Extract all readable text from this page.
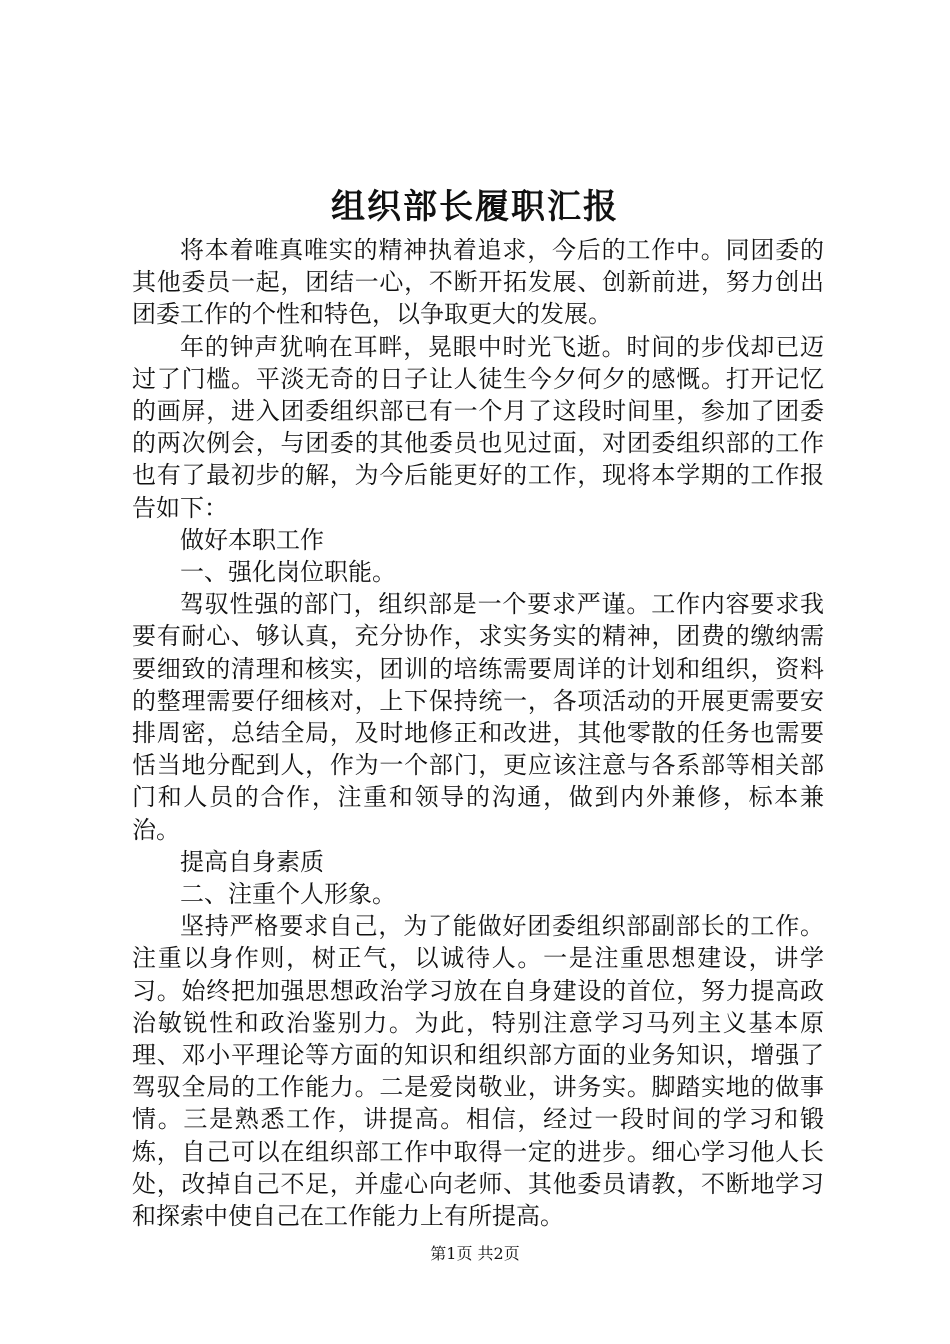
组织部长履职汇报

将本着唯真唯实的精神执着追求，今后的工作中。同团委的其他委员一起，团结一心，不断开拓发展、创新前进，努力创出团委工作的个性和特色，以争取更大的发展。

年的钟声犹响在耳畔，晃眼中时光飞逝。时间的步伐却已迈过了门槛。平淡无奇的日子让人徒生今夕何夕的感慨。打开记忆的画屏，进入团委组织部已有一个月了这段时间里，参加了团委的两次例会，与团委的其他委员也见过面，对团委组织部的工作也有了最初步的解，为今后能更好的工作，现将本学期的工作报告如下：

做好本职工作

一、强化岗位职能。

驾驭性强的部门，组织部是一个要求严谨。工作内容要求我要有耐心、够认真，充分协作，求实务实的精神，团费的缴纳需要细致的清理和核实，团训的培练需要周详的计划和组织，资料的整理需要仔细核对，上下保持统一，各项活动的开展更需要安排周密，总结全局，及时地修正和改进，其他零散的任务也需要恬当地分配到人，作为一个部门，更应该注意与各系部等相关部门和人员的合作，注重和领导的沟通，做到内外兼修，标本兼治。

提高自身素质

二、注重个人形象。

坚持严格要求自己，为了能做好团委组织部副部长的工作。注重以身作则，树正气，以诚待人。一是注重思想建设，讲学习。始终把加强思想政治学习放在自身建设的首位，努力提高政治敏锐性和政治鉴别力。为此，特别注意学习马列主义基本原理、邓小平理论等方面的知识和组织部方面的业务知识，增强了驾驭全局的工作能力。二是爱岗敬业，讲务实。脚踏实地的做事情。三是熟悉工作，讲提高。相信，经过一段时间的学习和锻炼，自己可以在组织部工作中取得一定的进步。细心学习他人长处，改掉自己不足，并虚心向老师、其他委员请教，不断地学习和探索中使自己在工作能力上有所提高。

第1页 共2页
